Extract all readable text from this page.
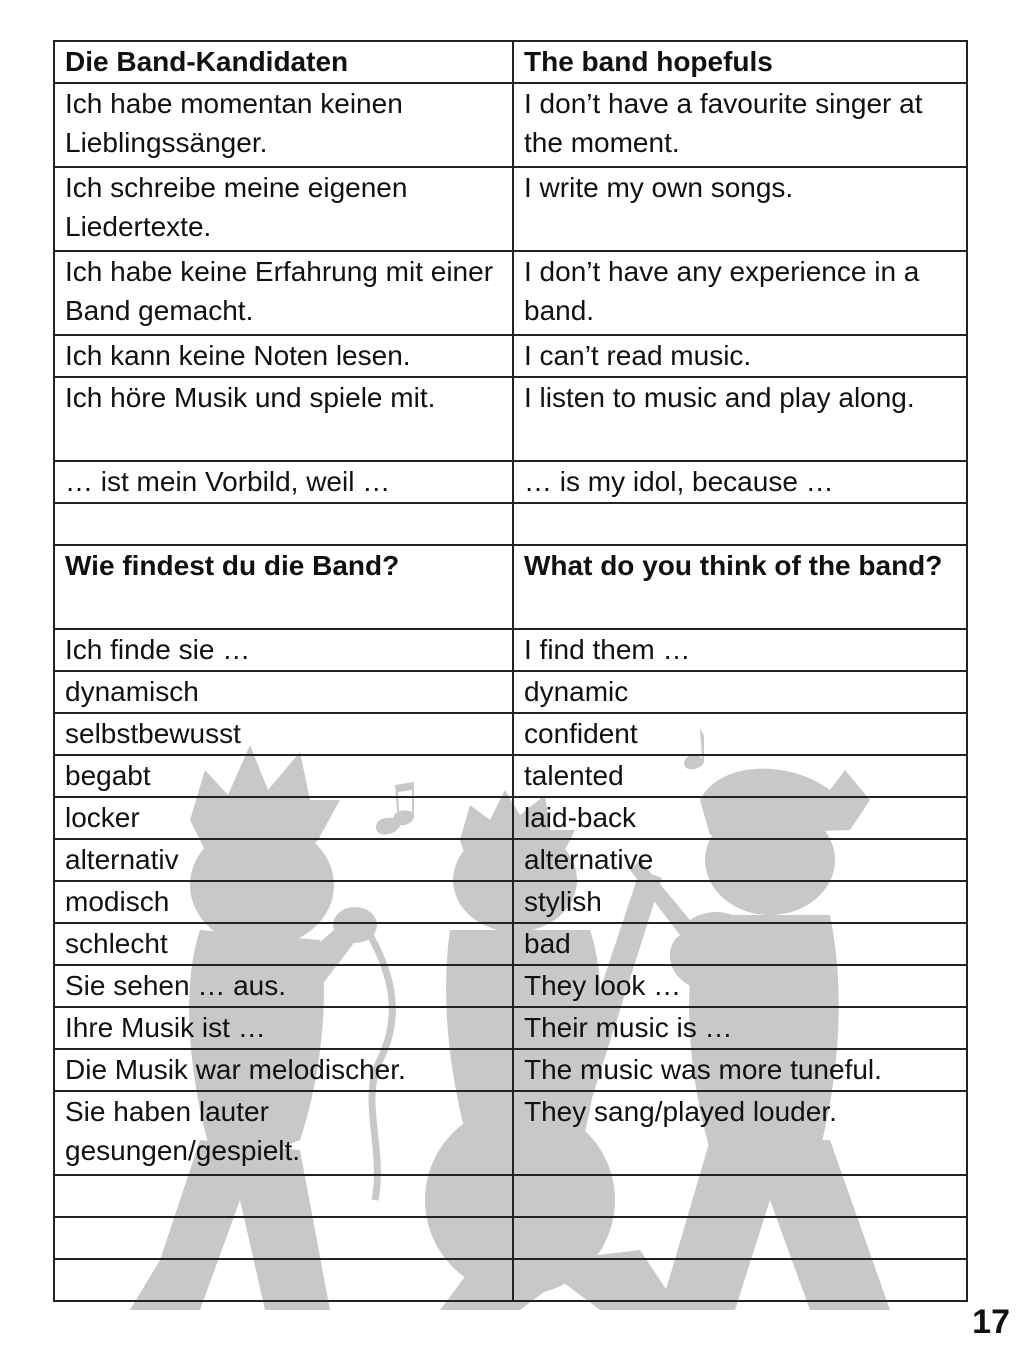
Die Band-Kandidaten	The band hopefuls
Ich habe momentan keinen Lieblingssänger.	I don’t have a favourite singer at the moment.
Ich schreibe meine eigenen Liedertexte.	I write my own songs.
Ich habe keine Erfahrung mit einer Band gemacht.	I don’t have any experience in a band.
Ich kann keine Noten lesen.	I can’t read music.
Ich höre Musik und spiele mit.	I listen to music and play along.
… ist mein Vorbild, weil …	… is my idol, because …

Wie findest du die Band?	What do you think of the band?
Ich finde sie …	I find them …
dynamisch	dynamic
selbstbewusst	confident
begabt	talented
locker	laid-back
alternativ	alternative
modisch	stylish
schlecht	bad
Sie sehen … aus.	They look …
Ihre Musik ist …	Their music is …
Die Musik war melodischer.	The music was more tuneful.
Sie haben lauter gesungen/gespielt.	They sang/played louder.

17
